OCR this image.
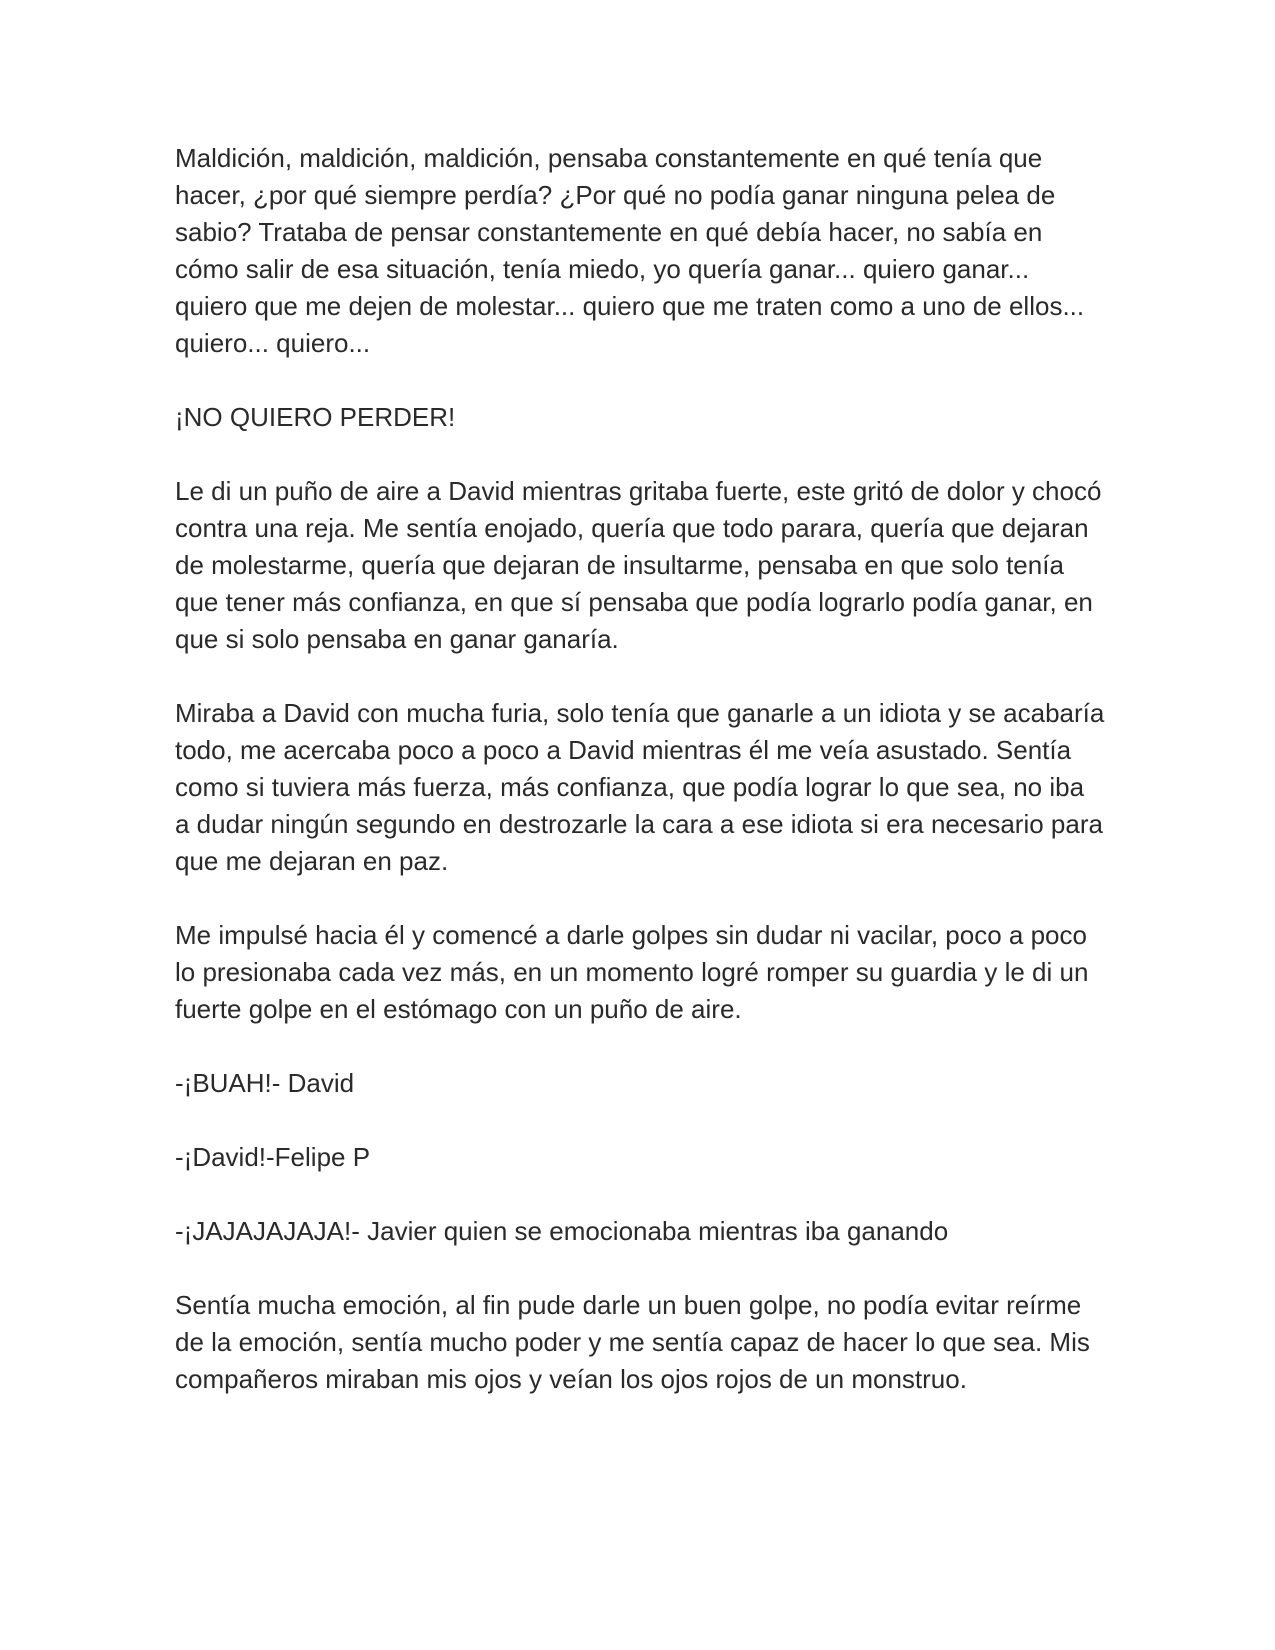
Maldición, maldición, maldición, pensaba constantemente en qué tenía que hacer, ¿por qué siempre perdía? ¿Por qué no podía ganar ninguna pelea de sabio? Trataba de pensar constantemente en qué debía hacer, no sabía en cómo salir de esa situación, tenía miedo, yo quería ganar... quiero ganar... quiero que me dejen de molestar... quiero que me traten como a uno de ellos... quiero... quiero...

¡NO QUIERO PERDER!

Le di un puño de aire a David mientras gritaba fuerte, este gritó de dolor y chocó contra una reja. Me sentía enojado, quería que todo parara, quería que dejaran de molestarme, quería que dejaran de insultarme, pensaba en que solo tenía que tener más confianza, en que sí pensaba que podía lograrlo podía ganar, en que si solo pensaba en ganar ganaría.

Miraba a David con mucha furia, solo tenía que ganarle a un idiota y se acabaría todo, me acercaba poco a poco a David mientras él me veía asustado. Sentía como si tuviera más fuerza, más confianza, que podía lograr lo que sea, no iba a dudar ningún segundo en destrozarle la cara a ese idiota si era necesario para que me dejaran en paz.

Me impulsé hacia él y comencé a darle golpes sin dudar ni vacilar, poco a poco lo presionaba cada vez más, en un momento logré romper su guardia y le di un fuerte golpe en el estómago con un puño de aire.

-¡BUAH!- David

-¡David!-Felipe P

-¡JAJAJAJAJA!- Javier quien se emocionaba mientras iba ganando

Sentía mucha emoción, al fin pude darle un buen golpe, no podía evitar reírme de la emoción, sentía mucho poder y me sentía capaz de hacer lo que sea. Mis compañeros miraban mis ojos y veían los ojos rojos de un monstruo.
